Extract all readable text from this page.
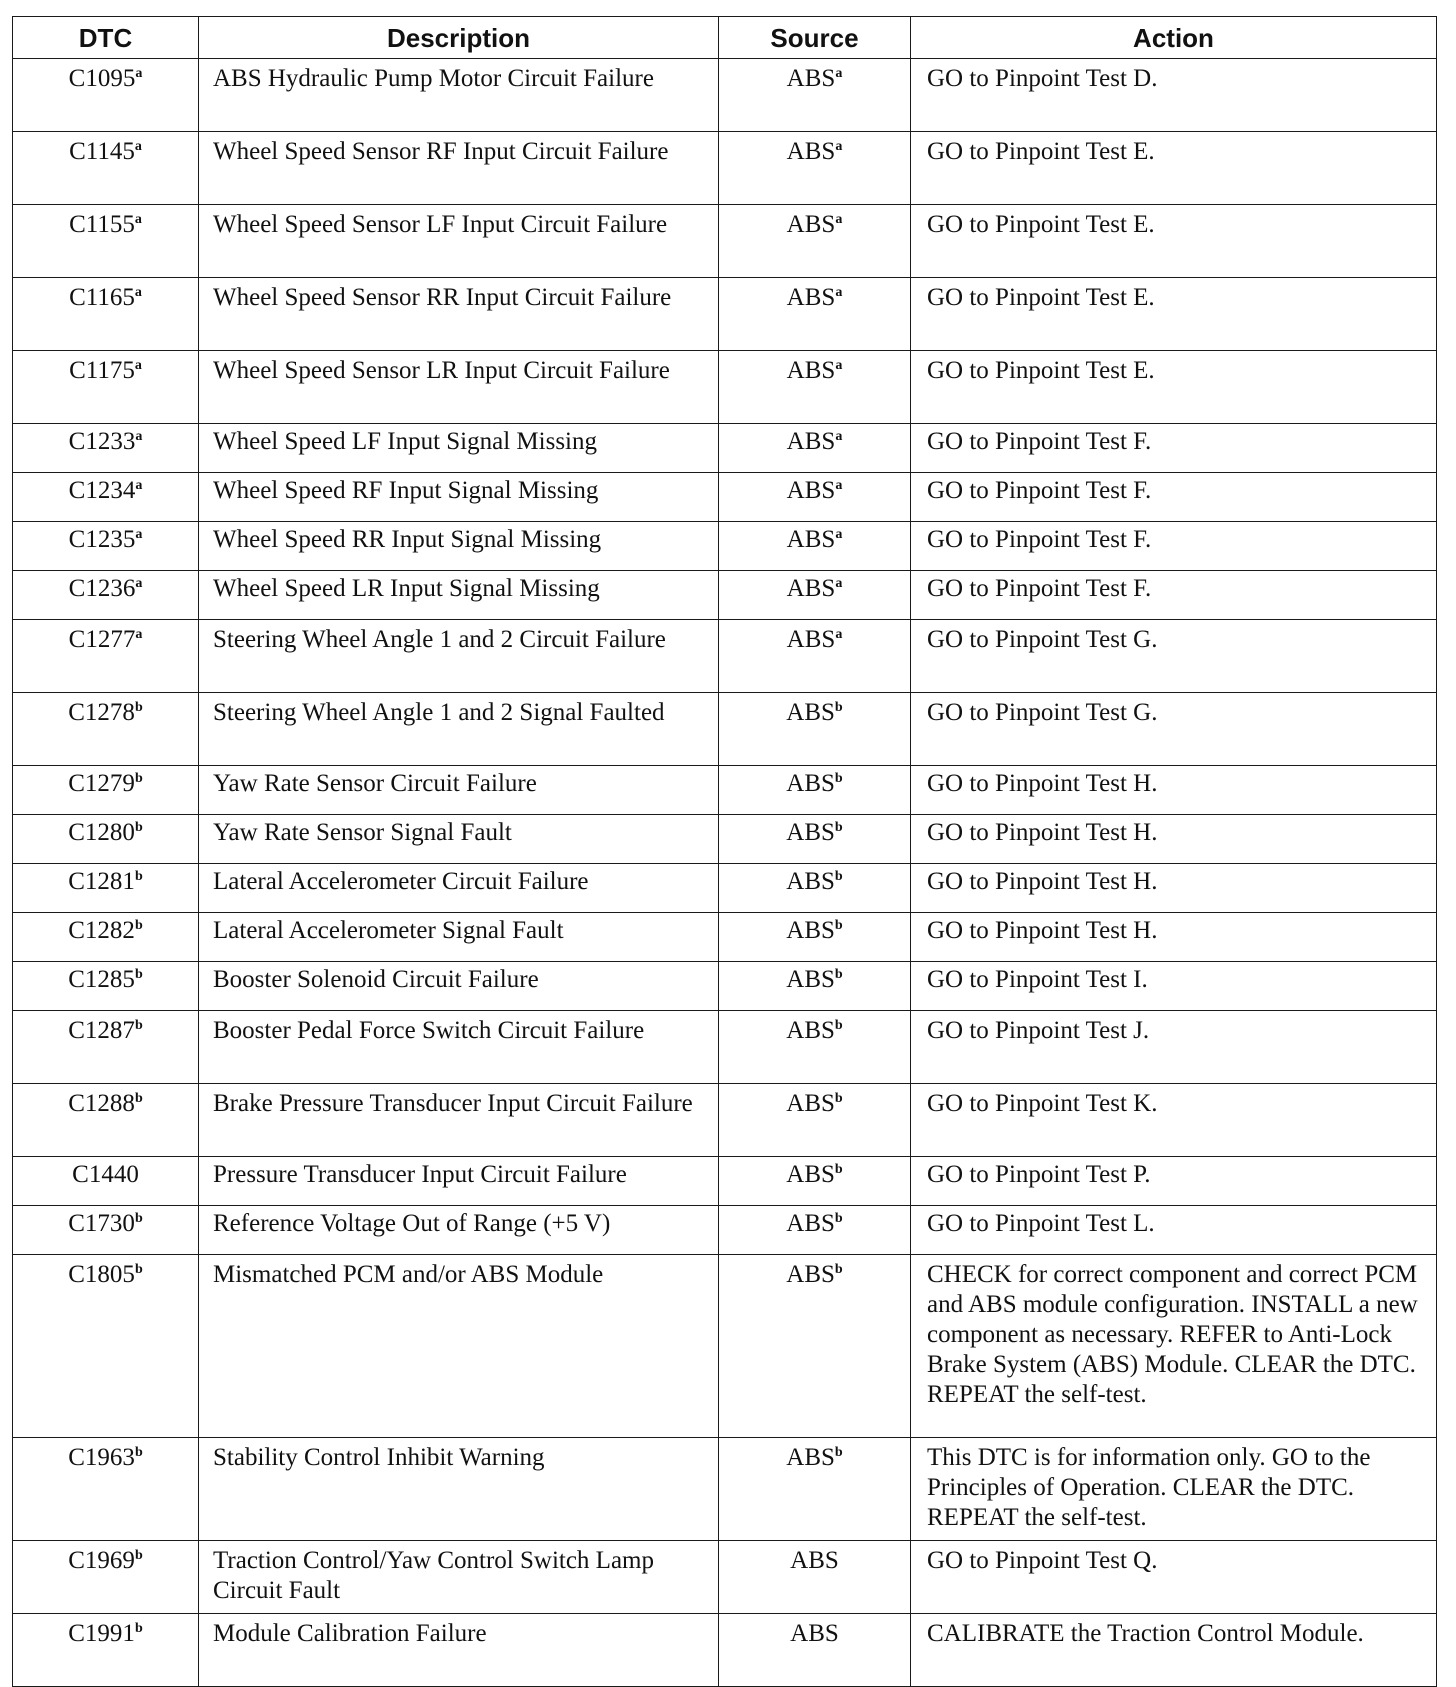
DTC	Description	Source	Action
C1095$^a$	ABS Hydraulic Pump Motor Circuit Failure	ABS$^a$	GO to Pinpoint Test D.
C1145$^a$	Wheel Speed Sensor RF Input Circuit Failure	ABS$^a$	GO to Pinpoint Test E.
C1155$^a$	Wheel Speed Sensor LF Input Circuit Failure	ABS$^a$	GO to Pinpoint Test E.
C1165$^a$	Wheel Speed Sensor RR Input Circuit Failure	ABS$^a$	GO to Pinpoint Test E.
C1175$^a$	Wheel Speed Sensor LR Input Circuit Failure	ABS$^a$	GO to Pinpoint Test E.
C1233$^a$	Wheel Speed LF Input Signal Missing	ABS$^a$	GO to Pinpoint Test F.
C1234$^a$	Wheel Speed RF Input Signal Missing	ABS$^a$	GO to Pinpoint Test F.
C1235$^a$	Wheel Speed RR Input Signal Missing	ABS$^a$	GO to Pinpoint Test F.
C1236$^a$	Wheel Speed LR Input Signal Missing	ABS$^a$	GO to Pinpoint Test F.
C1277$^a$	Steering Wheel Angle 1 and 2 Circuit Failure	ABS$^a$	GO to Pinpoint Test G.
C1278$^b$	Steering Wheel Angle 1 and 2 Signal Faulted	ABS$^b$	GO to Pinpoint Test G.
C1279$^b$	Yaw Rate Sensor Circuit Failure	ABS$^b$	GO to Pinpoint Test H.
C1280$^b$	Yaw Rate Sensor Signal Fault	ABS$^b$	GO to Pinpoint Test H.
C1281$^b$	Lateral Accelerometer Circuit Failure	ABS$^b$	GO to Pinpoint Test H.
C1282$^b$	Lateral Accelerometer Signal Fault	ABS$^b$	GO to Pinpoint Test H.
C1285$^b$	Booster Solenoid Circuit Failure	ABS$^b$	GO to Pinpoint Test I.
C1287$^b$	Booster Pedal Force Switch Circuit Failure	ABS$^b$	GO to Pinpoint Test J.
C1288$^b$	Brake Pressure Transducer Input Circuit Failure	ABS$^b$	GO to Pinpoint Test K.
C1440	Pressure Transducer Input Circuit Failure	ABS$^b$	GO to Pinpoint Test P.
C1730$^b$	Reference Voltage Out of Range (+5 V)	ABS$^b$	GO to Pinpoint Test L.
C1805$^b$	Mismatched PCM and/or ABS Module	ABS$^b$	CHECK for correct component and correct PCM and ABS module configuration. INSTALL a new component as necessary. REFER to Anti-Lock Brake System (ABS) Module. CLEAR the DTC. REPEAT the self-test.
C1963$^b$	Stability Control Inhibit Warning	ABS$^b$	This DTC is for information only. GO to the Principles of Operation. CLEAR the DTC. REPEAT the self-test.
C1969$^b$	Traction Control/Yaw Control Switch Lamp Circuit Fault	ABS	GO to Pinpoint Test Q.
C1991$^b$	Module Calibration Failure	ABS	CALIBRATE the Traction Control Module.
